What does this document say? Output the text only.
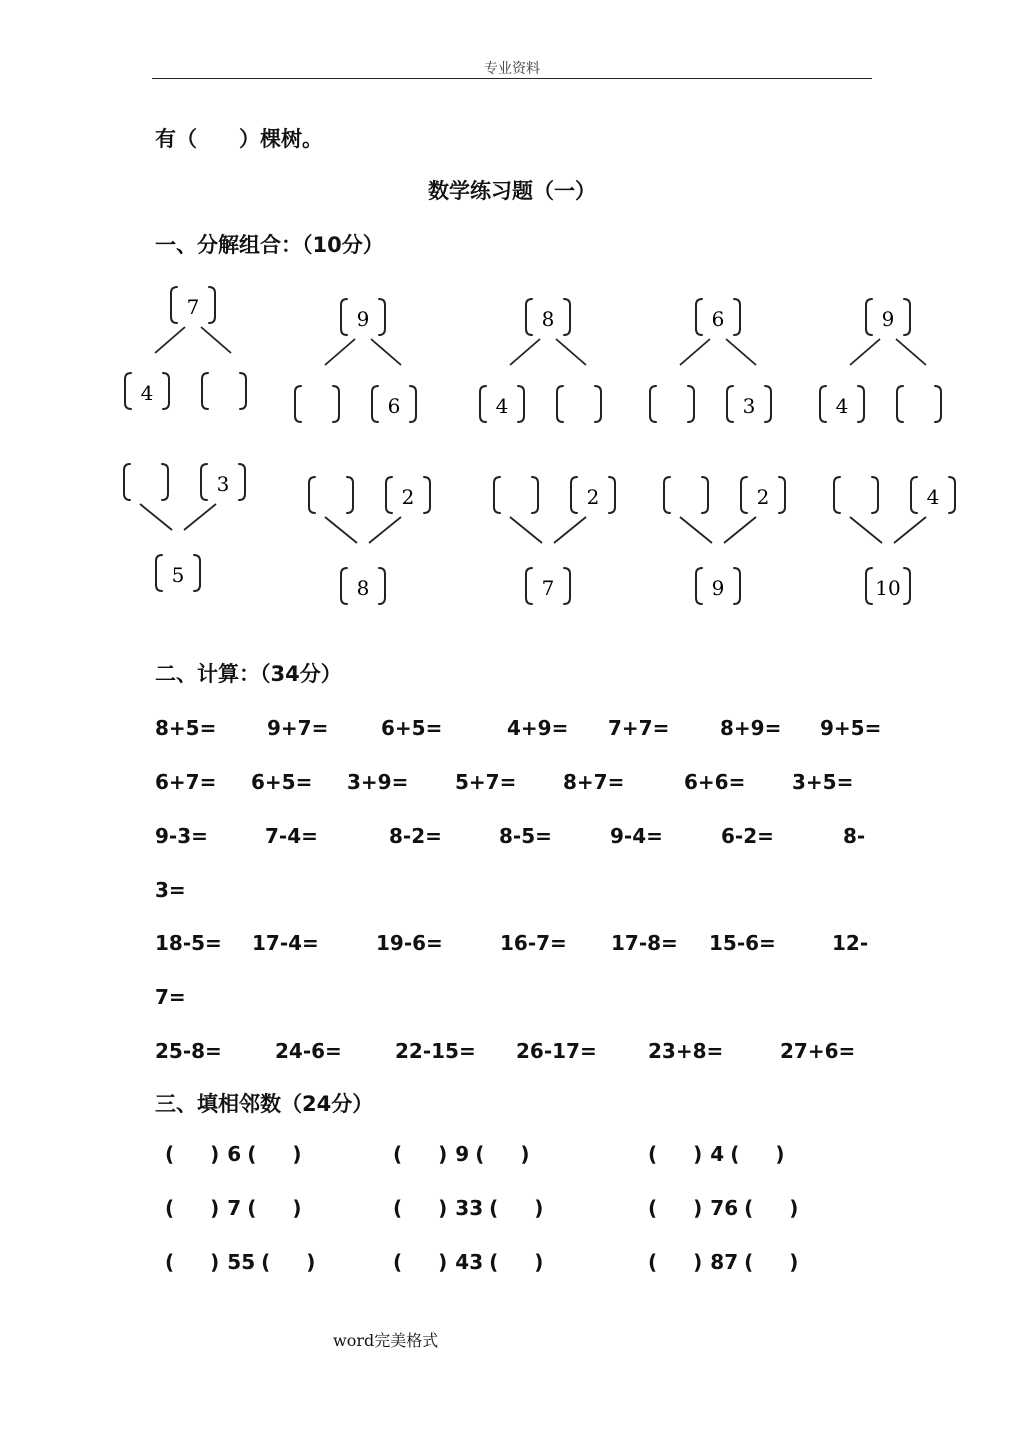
专业资料
有（　　）棵树。
数学练习题（一）
一、分解组合：（10分）
7
4
9
6
8
4
6
3
9
4
3
5
2
8
2
7
2
9
4
10
二、计算：（34分）
8+5=	9+7=	6+5=	4+9= 7+7=	8+9= 9+5=
6+7= 6+5= 3+9= 5+7= 8+7=	6+6= 3+5=
9-3=	7-4=	8-2=	8-5=	9-4=	6-2=	8-
3=
18-5= 17-4=	19-6=	16-7= 17-8= 15-6=	12-
7=
25-8=	24-6=	22-15= 26-17=	23+8=	27+6=
三、填相邻数（24分）
(  ) 6 (  )	(  ) 9 (  )	(  ) 4 (  )
(  ) 7 (  )	(  ) 33 (  )	(  ) 76 (  )
(  ) 55 (  )	(  ) 43 (  )	(  ) 87 (  )
word完美格式
